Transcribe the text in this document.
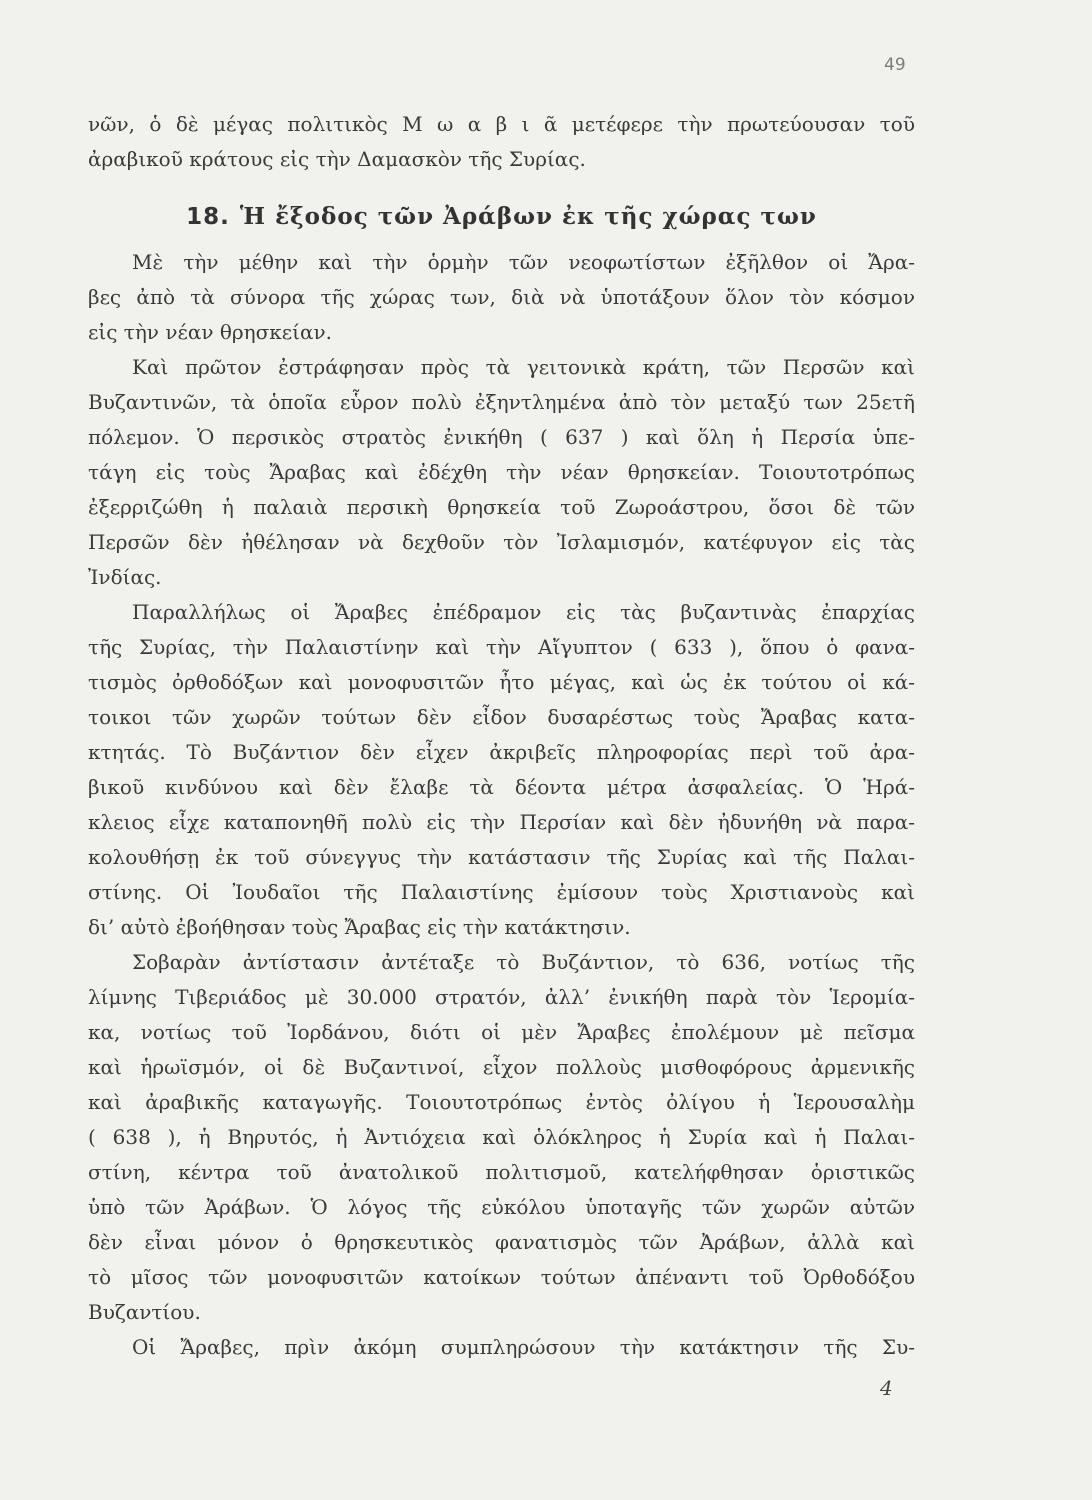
49
νῶν, ὁ δὲ μέγας πολιτικὸς Μ ω α β ι ᾶ μετέφερε τὴν πρωτεύουσαν τοῦ
ἀραβικοῦ κράτους εἰς τὴν Δαμασκὸν τῆς Συρίας.
18. Ἡ ἔξοδος τῶν Ἀράβων ἐκ τῆς χώρας των
Μὲ τὴν μέθην καὶ τὴν ὁρμὴν τῶν νεοφωτίστων ἐξῆλθον οἱ Ἄρα-
βες ἀπὸ τὰ σύνορα τῆς χώρας των, διὰ νὰ ὑποτάξουν ὅλον τὸν κόσμον
εἰς τὴν νέαν θρησκείαν.
Καὶ πρῶτον ἐστράφησαν πρὸς τὰ γειτονικὰ κράτη, τῶν Περσῶν καὶ
Βυζαντινῶν, τὰ ὁποῖα εὗρον πολὺ ἐξηντλημένα ἀπὸ τὸν μεταξύ των 25ετῆ
πόλεμον. Ὁ περσικὸς στρατὸς ἐνικήθη ( 637 ) καὶ ὅλη ἡ Περσία ὑπε-
τάγη εἰς τοὺς Ἄραβας καὶ ἐδέχθη τὴν νέαν θρησκείαν. Τοιουτοτρόπως
ἐξερριζώθη ἡ παλαιὰ περσικὴ θρησκεία τοῦ Ζωροάστρου, ὅσοι δὲ τῶν
Περσῶν δὲν ἠθέλησαν νὰ δεχθοῦν τὸν Ἰσλαμισμόν, κατέφυγον εἰς τὰς
Ἰνδίας.
Παραλλήλως οἱ Ἄραβες ἐπέδραμον εἰς τὰς βυζαντινὰς ἐπαρχίας
τῆς Συρίας, τὴν Παλαιστίνην καὶ τὴν Αἴγυπτον ( 633 ), ὅπου ὁ φανα-
τισμὸς ὀρθοδόξων καὶ μονοφυσιτῶν ἦτο μέγας, καὶ ὡς ἐκ τούτου οἱ κά-
τοικοι τῶν χωρῶν τούτων δὲν εἶδον δυσαρέστως τοὺς Ἄραβας κατα-
κτητάς. Τὸ Βυζάντιον δὲν εἶχεν ἀκριβεῖς πληροφορίας περὶ τοῦ ἀρα-
βικοῦ κινδύνου καὶ δὲν ἔλαβε τὰ δέοντα μέτρα ἀσφαλείας. Ὁ Ἡρά-
κλειος εἶχε καταπονηθῆ πολὺ εἰς τὴν Περσίαν καὶ δὲν ἠδυνήθη νὰ παρα-
κολουθήσῃ ἐκ τοῦ σύνεγγυς τὴν κατάστασιν τῆς Συρίας καὶ τῆς Παλαι-
στίνης. Οἱ Ἰουδαῖοι τῆς Παλαιστίνης ἐμίσουν τοὺς Χριστιανοὺς καὶ
δι’ αὐτὸ ἐβοήθησαν τοὺς Ἄραβας εἰς τὴν κατάκτησιν.
Σοβαρὰν ἀντίστασιν ἀντέταξε τὸ Βυζάντιον, τὸ 636, νοτίως τῆς
λίμνης Τιβεριάδος μὲ 30.000 στρατόν, ἀλλ’ ἐνικήθη παρὰ τὸν Ἱερομία-
κα, νοτίως τοῦ Ἰορδάνου, διότι οἱ μὲν Ἄραβες ἐπολέμουν μὲ πεῖσμα
καὶ ἡρωϊσμόν, οἱ δὲ Βυζαντινοί, εἶχον πολλοὺς μισθοφόρους ἀρμενικῆς
καὶ ἀραβικῆς καταγωγῆς. Τοιουτοτρόπως ἐντὸς ὀλίγου ἡ Ἱερουσαλὴμ
( 638 ), ἡ Βηρυτός, ἡ Ἀντιόχεια καὶ ὁλόκληρος ἡ Συρία καὶ ἡ Παλαι-
στίνη, κέντρα τοῦ ἀνατολικοῦ πολιτισμοῦ, κατελήφθησαν ὁριστικῶς
ὑπὸ τῶν Ἀράβων. Ὁ λόγος τῆς εὐκόλου ὑποταγῆς τῶν χωρῶν αὐτῶν
δὲν εἶναι μόνον ὁ θρησκευτικὸς φανατισμὸς τῶν Ἀράβων, ἀλλὰ καὶ
τὸ μῖσος τῶν μονοφυσιτῶν κατοίκων τούτων ἀπέναντι τοῦ Ὀρθοδόξου
Βυζαντίου.
Οἱ Ἄραβες, πρὶν ἀκόμη συμπληρώσουν τὴν κατάκτησιν τῆς Συ-
4
